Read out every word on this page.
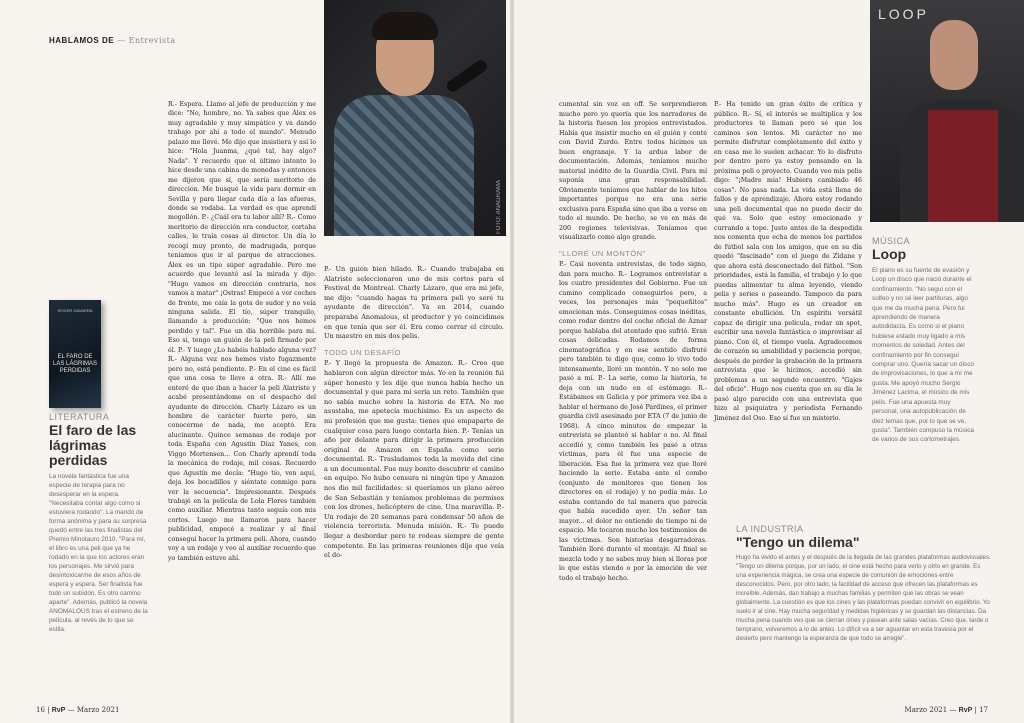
HABLAMOS DE — Entrevista
FOTO: ANAGRAMA
ROGER GAVARRA
EL FARO DE LAS LÁGRIMAS PERDIDAS
LITERATURA
El faro de las lágrimas perdidas
La novela fantástica fue una especie de terapia para no desesperar en la espera. "Necesitaba contar algo como si estuviera rodando". La mandó de forma anónima y para su sorpresa quedó entre las tres finalistas del Premio Minotauro 2010. "Para mí, el libro es una peli que ya he rodado en la que los actores eran los personajes. Me sirvió para desintoxicarme de esos años de espera y espera. Ser finalista fue todo un subidón. Es otro camino aparte". Además, publicó la novela ANOMALOUS tras el estreno de la película, al revés de lo que se estila.

R.- Espera. Llamo al jefe de producción y me dice: "No, hombre, no. Ya sabes que Álex es muy agradable y muy simpático y va dando trabajo por ahí a todo el mundo". Menudo palazo me llevé. Me dijo que insistiera y así lo hice: "Hola Juanma, ¿qué tal, hay algo? Nada". Y recuerdo que el último intento lo hice desde una cabina de monedas y entonces me dijeron que sí, que sería meritorio de dirección. Me busqué la vida para dormir en Sevilla y para llegar cada día a las afueras, donde se rodaba. La verdad es que aprendí mogollón. P.- ¿Cuál era tu labor allí? R.- Como meritorio de dirección era conductor, cortaba calles, le traía cosas al director. Un día lo recogí muy pronto, de madrugada, porque teníamos que ir al parque de atracciones. Álex es un tipo súper agradable. Pero me acuerdo que levantó así la mirada y dijo: "Hugo vamos en dirección contraria, nos vamos a matar" ¡Ostras! Empecé a ver coches de frente, me caía la gota de sudor y no veía ninguna salida. El tío, súper tranquilo, llamando a producción: "Que nos hemos perdido y tal". Fue un día horrible para mí. Eso sí, tengo un guión de la peli firmado por él. P.- Y luego ¿Lo habéis hablado alguna vez? R.- Alguna vez nos hemos visto fugazmente pero no, está pendiente. P.- En el cine es fácil que una cosa te lleve a otra. R.- Allí me enteré de que iban a hacer la peli Alatriste y acabé presentándome en el despacho del ayudante de dirección. Charly Lázaro es un hombre de carácter fuerte pero, sin conocerme de nada, me aceptó. Era alucinante. Quince semanas de rodaje por toda España con Agustín Díaz Yanes, con Viggo Mortensen... Con Charly aprendí toda la mecánica de rodaje, mil cosas. Recuerdo que Agustín me decía: "Hugo tío, ven aquí, deja los bocadillos y siéntate conmigo para ver la secuencia". Impresionante. Después trabajé en la película de Lola Flores también como auxiliar. Mientras tanto seguía con mis cortos. Luego me llamaron para hacer publicidad, empecé a realizar y al final conseguí hacer la primera peli. Ahora, cuando voy a un rodaje y veo al auxiliar recuerdo que yo también estuve ahí.

P.- Un guión bien hilado. R.- Cuando trabajaba en Alatriste seleccionaron uno de mis cortos para el Festival de Montreal. Charly Lázaro, que era mi jefe, me dijo: "cuando hagas tu primera peli yo seré tu ayudante de dirección". Ya en 2014, cuando preparaba Anomalous, el productor y yo coincidimos en que tenía que ser él. Era como cerrar el círculo. Un maestro en mis dos pelis.

TODO UN DESAFÍO

P.- Y llegó la propuesta de Amazon. R.- Creo que hablaron con algún director más. Yo en la reunión fui súper honesto y les dije que nunca había hecho un documental y que para mí sería un reto. También que no sabía mucho sobre la historia de ETA. No me asustaba, me apetecía muchísimo. Es un aspecto de mi profesión que me gusta: tienes que empaparte de cualquier cosa para luego contarla bien. P.- Tenías un año por delante para dirigir la primera producción original de Amazon en España como serie documental. R.- Trasladamos toda la movida del cine a un documental. Fue muy bonito descubrir el camino en equipo. No hubo censura ni ningún tipo y Amazon nos dio mil facilidades: si queríamos un plano aéreo de San Sebastián y teníamos problemas de permisos con los drones, helicóptero de cine. Una maravilla. P.- Un rodaje de 20 semanas para condensar 50 años de violencia terrorista. Menuda misión. R.- Te puede llegar a desbordar pero te rodeas siempre de gente competente. En las primeras reuniones dije que veía el do-

cumental sin voz en off. Se sorprendieron mucho pero yo quería que los narradores de la historia fuesen los propios entrevistados. Había que insistir mucho en el guión y conté con David Zurdo. Entre todos hicimos un buen engranaje. Y la ardua labor de documentación. Además, teníamos mucho material inédito de la Guardia Civil. Para mí suponía una gran responsabilidad. Obviamente teníamos que hablar de los hitos importantes porque no era una serie exclusiva para España sino que iba a verse en todo el mundo. De hecho, se ve en más de 200 regiones televisivas. Teníamos que visualizarlo como algo grande.

"LLORÉ UN MONTÓN"

P.- Casi noventa entrevistas, de todo signo, dan para mucho. R.- Logramos entrevistar a los cuatro presidentes del Gobierno. Fue un camino complicado conseguirlos pero, a veces, los personajes más "pequeñitos" emocionan más. Conseguimos cosas inéditas, como rodar dentro del coche oficial de Aznar porque hablaba del atentado que sufrió. Eran cosas delicadas. Rodamos de forma cinematográfica y en ese sentido disfruté pero también te digo que, como lo vivo todo intensamente, lloré un montón. Y no solo me pasó a mí. P.- La serie, como la historia, te deja con un nudo en el estómago. R.- Estábamos en Galicia y por primera vez iba a hablar el hermano de José Pardines, el primer guardia civil asesinado por ETA (7 de junio de 1968). A cinco minutos de empezar la entrevista se planteó si hablar o no. Al final accedió y, como también les pasó a otras víctimas, para él fue una especie de liberación. Esa fue la primera vez que lloré haciendo la serie. Estaba ante el combo (conjunto de monitores que tienen los directores en el rodaje) y no podía más. Lo estaba contando de tal manera que parecía que había sucedido ayer. Un señor tan mayor... el dolor no entiende de tiempo ni de espacio. Me tocaron mucho los testimonios de las víctimas. Son historias desgarradoras. También lloré durante el montaje. Al final se mezcla todo y no sabes muy bien si lloras por lo que estás viendo o por la emoción de ver todo el trabajo hecho.

P.- Ha tenido un gran éxito de crítica y público. R.- Sí, el interés se multiplica y los productores te llaman pero sé que los caminos son lentos. Mi carácter no me permite disfrutar completamente del éxito y en casa me lo suelen achacar. Yo lo disfruto por dentro pero ya estoy pensando en la próxima peli o proyecto. Cuando veo mis pelis digo: "¡Madre mía! Hubiera cambiado 46 cosas". No pasa nada. La vida está llena de fallos y de aprendizaje. Ahora estoy rodando una peli documental que no puedo decir de qué va. Solo que estoy emocionado y currando a tope. Justo antes de la despedida nos comenta que echa de menos los partidos de fútbol sala con los amigos, que en su día quedó "fascinado" con el juego de Zidane y que ahora está desconectado del fútbol. "Son prioridades, está la familia, el trabajo y lo que puedas alimentar tu alma leyendo, viendo pelis y series o paseando. Tampoco da para mucho más". Hugo es un creador en constante ebullición. Un espíritu versátil capaz de dirigir una película, rodar un spot, escribir una novela fantástica o improvisar al piano. Con él, el tiempo vuela. Agradecemos de corazón su amabilidad y paciencia porque, después de perder la grabación de la primera entrevista que le hicimos, accedió sin problemas a un segundo encuentro. "Gajes del oficio". Hugo nos cuenta que en su día le pasó algo parecido con una entrevista que hizo al psiquiatra y periodista Fernando Jiménez del Oso. Eso sí fue un misterio.

LOOP
MÚSICA
Loop
El piano es su fuente de evasión y Loop un disco que nació durante el confinamiento. "No seguí con el solfeo y no sé leer partituras, algo que me da mucha pena. Pero fui aprendiendo de manera autodidacta. Es como si el piano hubiese estado muy ligado a mis momentos de soledad. Antes del confinamiento por fin conseguí comprar uno. Quería sacar un disco de improvisaciones, lo que a mí me gusta. Me apoyó mucho Sergio Jiménez Lacima, el músico de mis pelis. Fue una apuesta muy personal, una autopublicación de diez temas que, por lo que se ve, gusta". También compuso la música de varios de sus cortometrajes.
LA INDUSTRIA
"Tengo un dilema"
Hugo ha vivido el antes y el después de la llegada de las grandes plataformas audiovisuales. "Tengo un dilema porque, por un lado, el cine está hecho para verlo y oírlo en grande. Es una experiencia mágica, se crea una especie de comunión de emociones entre desconocidos. Pero, por otro lado, la facilidad de acceso que ofrecen las plataformas es increíble. Además, dan trabajo a muchas familias y permiten que las obras se vean globalmente. La cuestión es que los cines y las plataformas puedan convivir en equilibrio. Yo suelo ir al cine. Hay mucha seguridad y medidas higiénicas y se guardan las distancias. Da mucha pena cuando ves que se cierran cines y pasean ante salas vacías. Creo que, tarde o temprano, volveremos a lo de antes. Lo difícil va a ser aguantar en esta travesía por el desierto pero mantengo la esperanza de que todo se arregle".
16 | RvP — Marzo 2021	Marzo 2021 — RvP | 17
